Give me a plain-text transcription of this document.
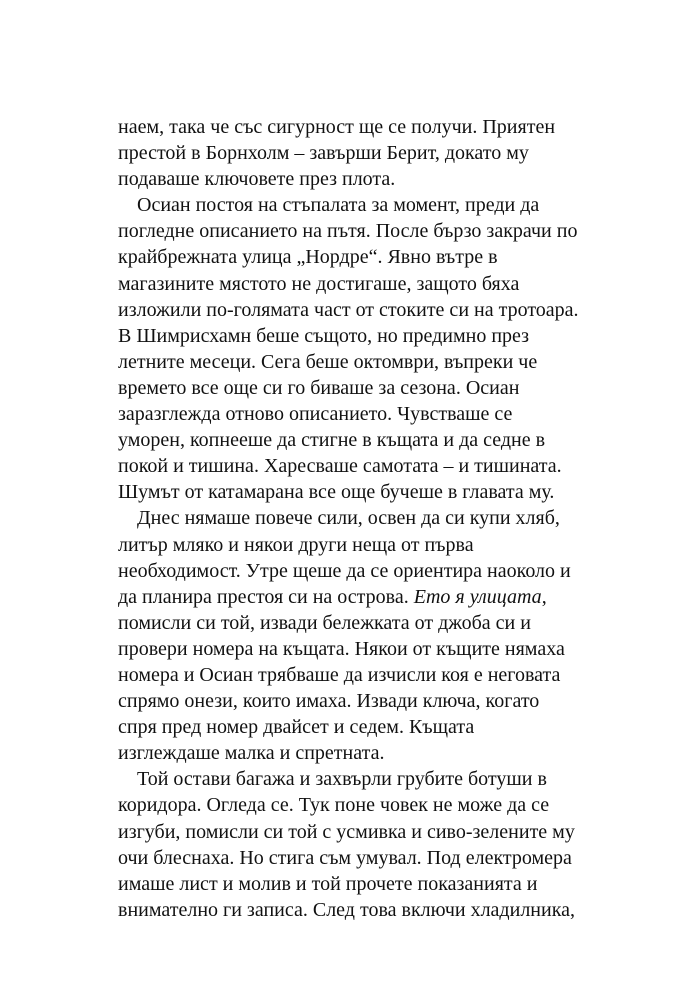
наем, така че със сигурност ще се получи. Приятен
престой в Борнхолм – завърши Берит, докато му
подаваше ключовете през плота.
Осиан постоя на стъпалата за момент, преди да
погледне описанието на пътя. После бързо закрачи по
крайбрежната улица „Нордре“. Явно вътре в
магазините мястото не достигаше, защото бяха
изложили по-голямата част от стоките си на тротоара.
В Шимрисхамн беше същото, но предимно през
летните месеци. Сега беше октомври, въпреки че
времето все още си го биваше за сезона. Осиан
заразглежда отново описанието. Чувстваше се
уморен, копнееше да стигне в къщата и да седне в
покой и тишина. Харесваше самотата – и тишината.
Шумът от катамарана все още бучеше в главата му.
Днес нямаше повече сили, освен да си купи хляб,
литър мляко и някои други неща от първа
необходимост. Утре щеше да се ориентира наоколо и
да планира престоя си на острова. Ето я улицата,
помисли си той, извади бележката от джоба си и
провери номера на къщата. Някои от къщите нямаха
номера и Осиан трябваше да изчисли коя е неговата
спрямо онези, които имаха. Извади ключа, когато
спря пред номер двайсет и седем. Къщата
изглеждаше малка и спретната.
Той остави багажа и захвърли грубите ботуши в
коридора. Огледа се. Тук поне човек не може да се
изгуби, помисли си той с усмивка и сиво-зелените му
очи блеснаха. Но стига съм умувал. Под електромера
имаше лист и молив и той прочете показанията и
внимателно ги записа. След това включи хладилника,
